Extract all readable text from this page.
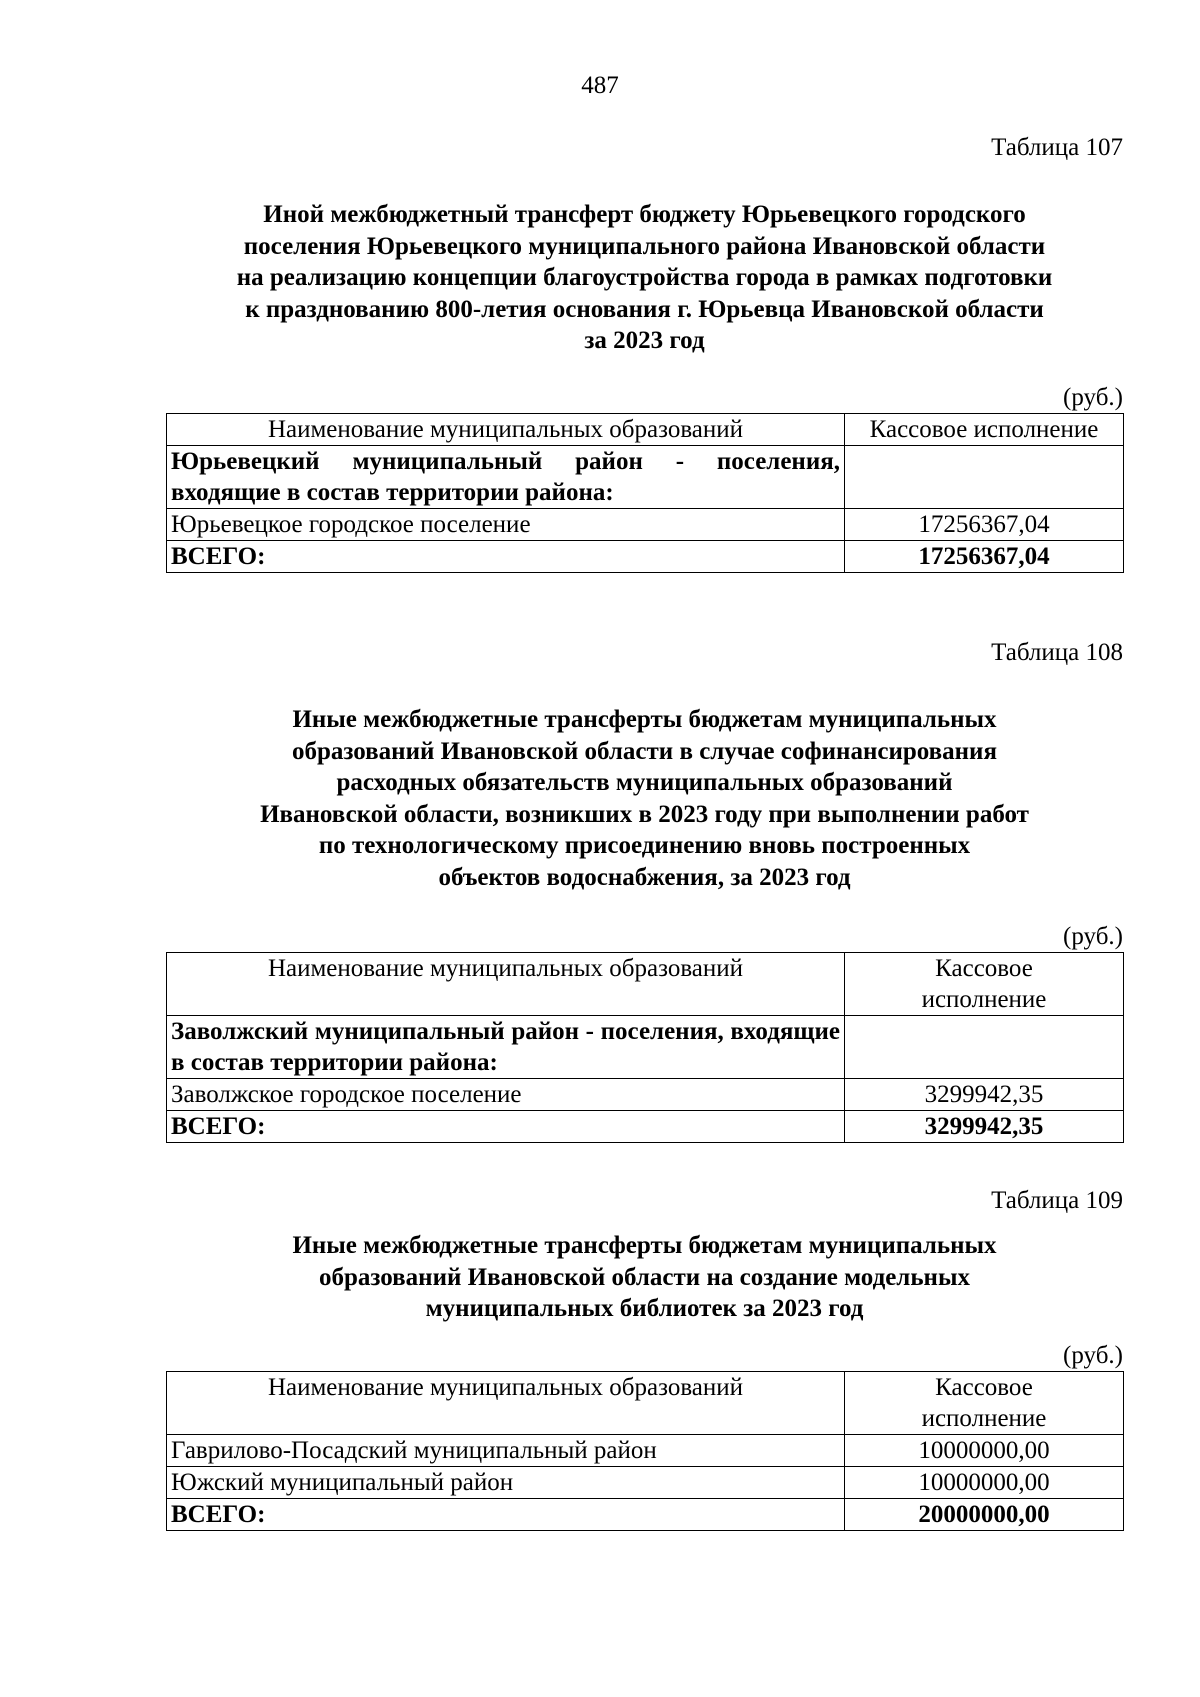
487
Таблица 107
Иной межбюджетный трансферт бюджету Юрьевецкого городского
поселения Юрьевецкого муниципального района Ивановской области
на реализацию концепции благоустройства города в рамках подготовки
к празднованию 800-летия основания г. Юрьевца Ивановской области
за 2023 год
(руб.)
Наименование муниципальных образований	Кассовое исполнение
Юрьевецкий муниципальный район - поселения, входящие в состав территории района:	
Юрьевецкое городское поселение	17256367,04
ВСЕГО:	17256367,04
Таблица 108
Иные межбюджетные трансферты бюджетам муниципальных
образований Ивановской области в случае софинансирования
расходных обязательств муниципальных образований
Ивановской области, возникших в 2023 году при выполнении работ
по технологическому присоединению вновь построенных
объектов водоснабжения, за 2023 год
(руб.)
Наименование муниципальных образований	Кассовое исполнение
Заволжский муниципальный район - поселения, входящие в состав территории района:	
Заволжское городское поселение	3299942,35
ВСЕГО:	3299942,35
Таблица 109
Иные межбюджетные трансферты бюджетам муниципальных
образований Ивановской области на создание модельных
муниципальных библиотек за 2023 год
(руб.)
Наименование муниципальных образований	Кассовое исполнение
Гаврилово-Посадский муниципальный район	10000000,00
Южский муниципальный район	10000000,00
ВСЕГО:	20000000,00
